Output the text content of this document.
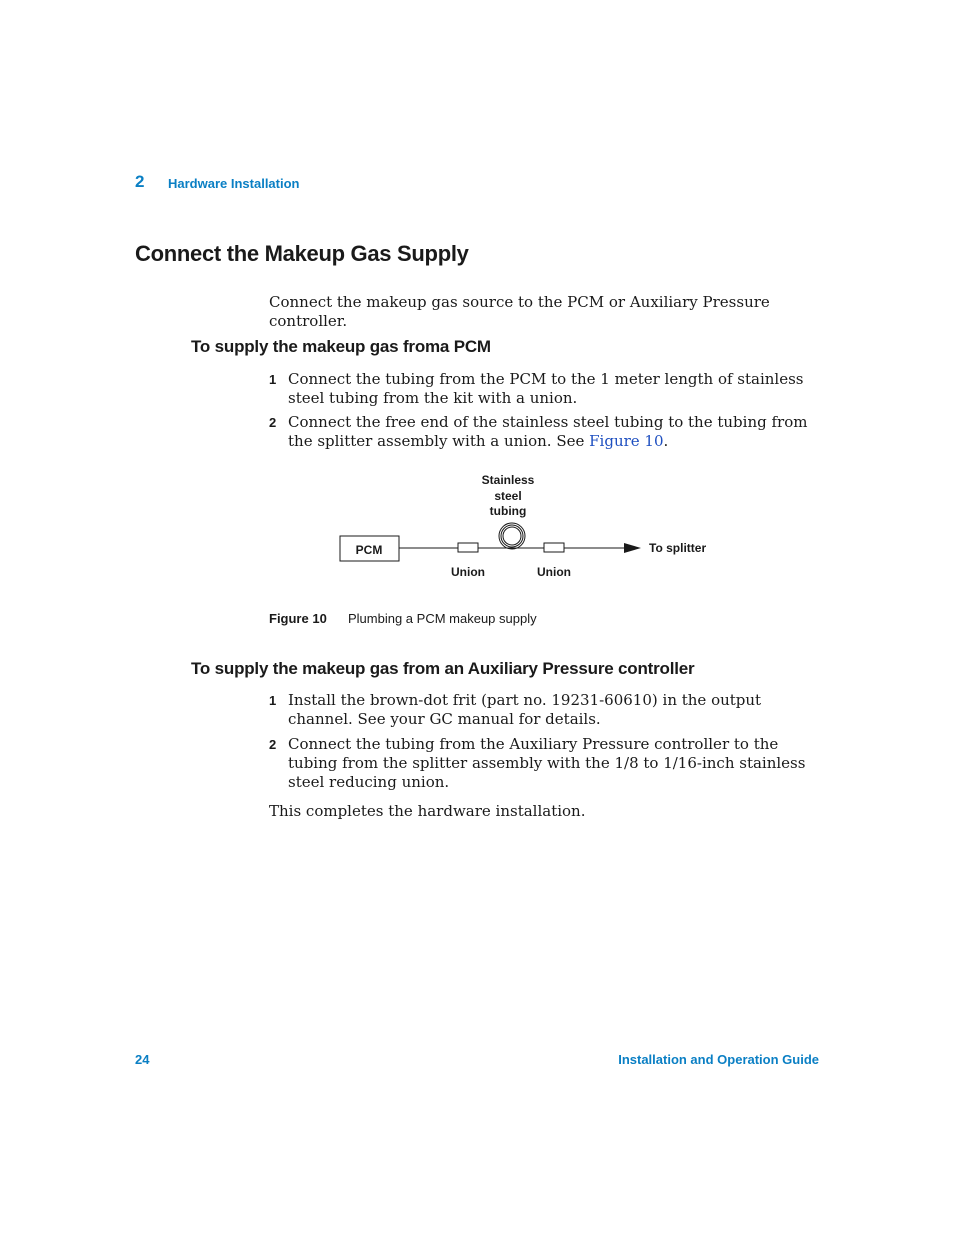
2 Hardware Installation
Connect the Makeup Gas Supply
Connect the makeup gas source to the PCM or Auxiliary Pressure controller.
To supply the makeup gas froma PCM
1 Connect the tubing from the PCM to the 1 meter length of stainless steel tubing from the kit with a union.
2 Connect the free end of the stainless steel tubing to the tubing from the splitter assembly with a union. See Figure 10.
Stainless
steel
tubing
PCM	To splitter
Union	Union
Figure 10 Plumbing a PCM makeup supply
To supply the makeup gas from an Auxiliary Pressure controller
1 Install the brown-dot frit (part no. 19231-60610) in the output channel. See your GC manual for details.
2 Connect the tubing from the Auxiliary Pressure controller to the tubing from the splitter assembly with the 1/8 to 1/16-inch stainless steel reducing union.
This completes the hardware installation.
24	Installation and Operation Guide
